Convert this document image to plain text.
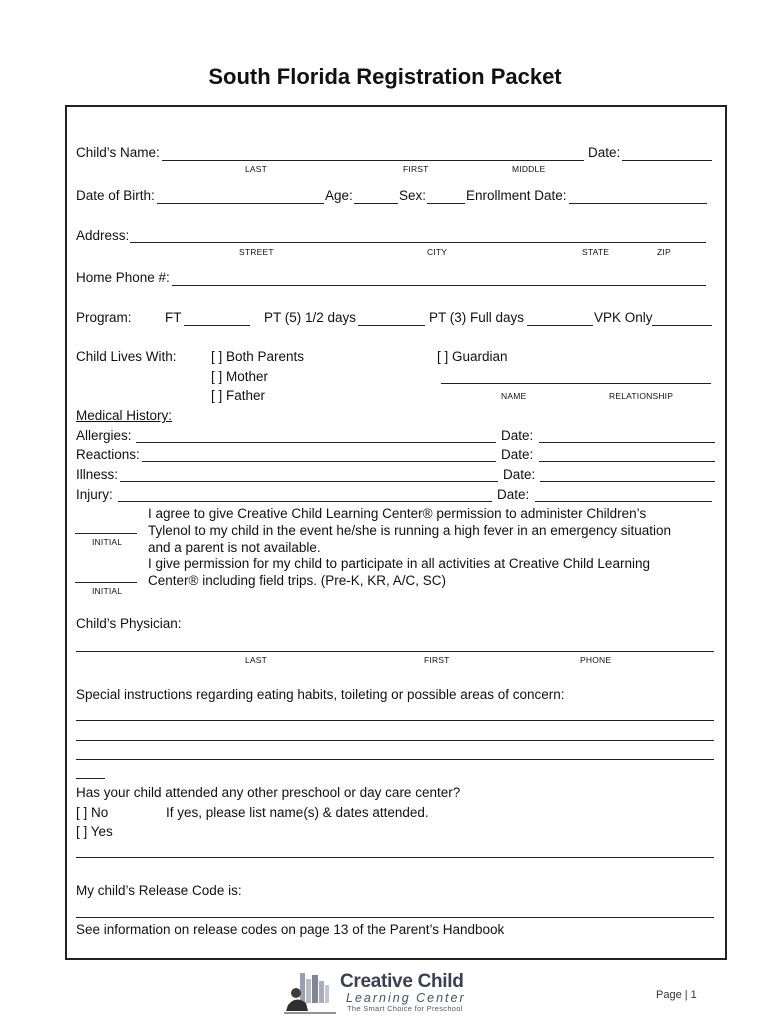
South Florida Registration Packet
Child’s Name:	Date:
LAST	FIRST	MIDDLE
Date of Birth:	Age:	Sex:	Enrollment Date:
Address:
STREET	CITY	STATE	ZIP
Home Phone #:
Program: FT	PT (5) 1/2 days	PT (3) Full days	VPK Only
Child Lives With:	[ ] Both Parents
[ ] Mother
[ ] Father
[ ] Guardian
NAME	RELATIONSHIP
Medical History:
Allergies:	Date:
Reactions:	Date:
Illness:	Date:
Injury:	Date:
INITIAL
INITIAL
I agree to give Creative Child Learning Center® permission to administer Children’s
Tylenol to my child in the event he/she is running a high fever in an emergency situation
and a parent is not available.
I give permission for my child to participate in all activities at Creative Child Learning
Center® including field trips. (Pre-K, KR, A/C, SC)
Child’s Physician:
LAST	FIRST	PHONE
Special instructions regarding eating habits, toileting or possible areas of concern:
Has your child attended any other preschool or day care center?
[ ] No	If yes, please list name(s) & dates attended.
[ ] Yes
My child’s Release Code is:
See information on release codes on page 13 of the Parent’s Handbook
Creative Child
Learning Center
The Smart Choice for Preschool
Page | 1
